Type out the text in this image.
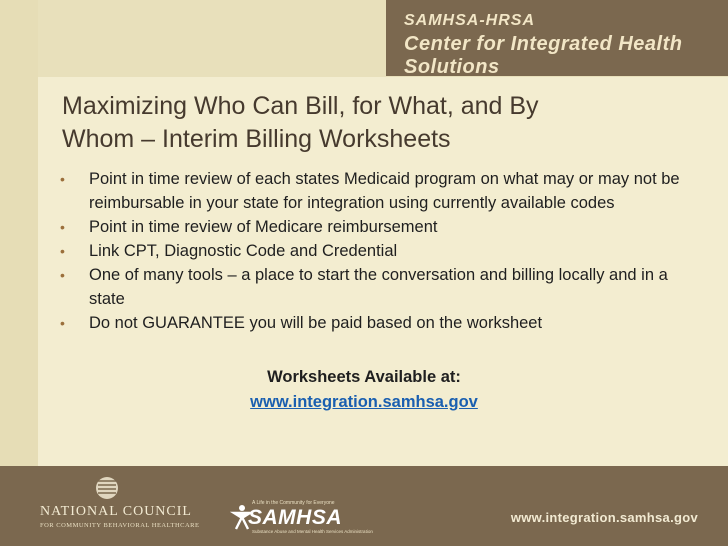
SAMHSA-HRSA
Center for Integrated Health Solutions
Maximizing Who Can Bill, for What, and By
Whom – Interim Billing Worksheets
• Point in time review of each states Medicaid program on what may or may not be reimbursable in your state for integration using currently available codes
• Point in time review of Medicare reimbursement
• Link CPT, Diagnostic Code and Credential
• One of many tools – a place to start the conversation and billing locally and in a state
• Do not GUARANTEE you will be paid based on the worksheet
Worksheets Available at:
www.integration.samhsa.gov
NATIONAL COUNCIL
FOR COMMUNITY BEHAVIORAL HEALTHCARE
A Life in the Community for Everyone
SAMHSA
Substance Abuse and Mental Health Services Administration
www.integration.samhsa.gov
